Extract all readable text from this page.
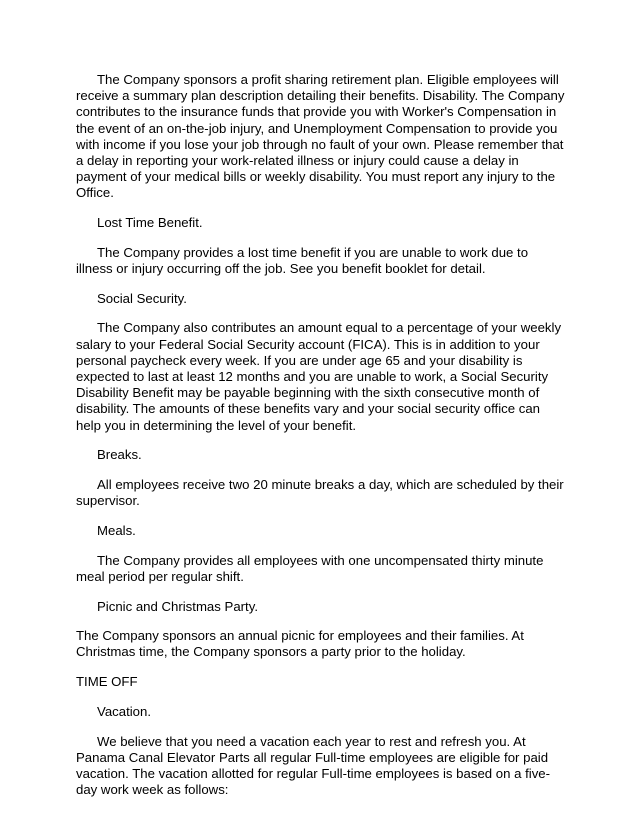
The Company sponsors a profit sharing retirement plan. Eligible employees will receive a summary plan description detailing their benefits. Disability. The Company contributes to the insurance funds that provide you with Worker's Compensation in the event of an on-the-job injury, and Unemployment Compensation to provide you with income if you lose your job through no fault of your own. Please remember that a delay in reporting your work-related illness or injury could cause a delay in payment of your medical bills or weekly disability. You must report any injury to the Office.

Lost Time Benefit.

The Company provides a lost time benefit if you are unable to work due to illness or injury occurring off the job. See you benefit booklet for detail.

Social Security.

The Company also contributes an amount equal to a percentage of your weekly salary to your Federal Social Security account (FICA). This is in addition to your personal paycheck every week. If you are under age 65 and your disability is expected to last at least 12 months and you are unable to work, a Social Security Disability Benefit may be payable beginning with the sixth consecutive month of disability. The amounts of these benefits vary and your social security office can help you in determining the level of your benefit.

Breaks.

All employees receive two 20 minute breaks a day, which are scheduled by their supervisor.

Meals.

The Company provides all employees with one uncompensated thirty minute meal period per regular shift.

Picnic and Christmas Party.

The Company sponsors an annual picnic for employees and their families. At Christmas time, the Company sponsors a party prior to the holiday.

TIME OFF

Vacation.

We believe that you need a vacation each year to rest and refresh you. At Panama Canal Elevator Parts all regular Full-time employees are eligible for paid vacation. The vacation allotted for regular Full-time employees is based on a five-day work week as follows:
